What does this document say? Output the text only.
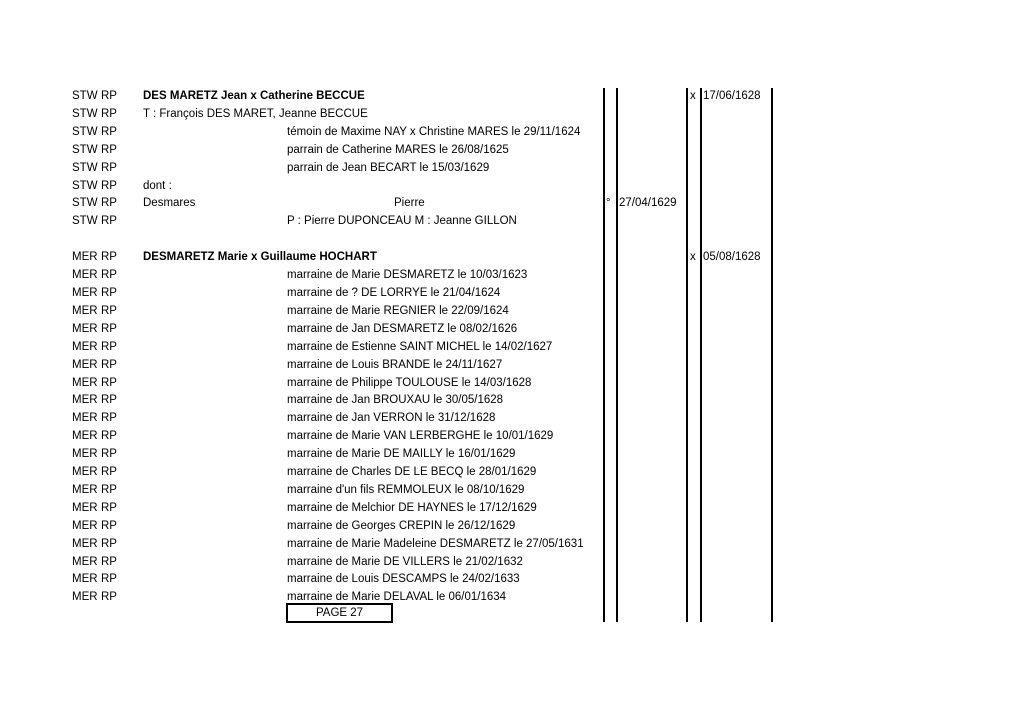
STW RP DES MARETZ Jean x Catherine BECCUE	x 17/06/1628
STW RP T : François DES MARET, Jeanne BECCUE
STW RP	témoin de Maxime NAY x Christine MARES le 29/11/1624
STW RP	parrain de Catherine MARES le 26/08/1625
STW RP	parrain de Jean BECART le 15/03/1629
STW RP dont :
STW RP Desmares	Pierre	° 27/04/1629
STW RP	P : Pierre DUPONCEAU M : Jeanne GILLON
MER RP DESMARETZ Marie x Guillaume HOCHART	x 05/08/1628
MER RP	marraine de Marie DESMARETZ le 10/03/1623
MER RP	marraine de ? DE LORRYE le 21/04/1624
MER RP	marraine de Marie REGNIER le 22/09/1624
MER RP	marraine de Jan DESMARETZ le 08/02/1626
MER RP	marraine de Estienne SAINT MICHEL le 14/02/1627
MER RP	marraine de Louis BRANDE le 24/11/1627
MER RP	marraine de Philippe TOULOUSE le 14/03/1628
MER RP	marraine de Jan BROUXAU le 30/05/1628
MER RP	marraine de Jan VERRON le 31/12/1628
MER RP	marraine de Marie VAN LERBERGHE le 10/01/1629
MER RP	marraine de Marie DE MAILLY le 16/01/1629
MER RP	marraine de Charles DE LE BECQ le 28/01/1629
MER RP	marraine d'un fils REMMOLEUX le 08/10/1629
MER RP	marraine de Melchior DE HAYNES le 17/12/1629
MER RP	marraine de Georges CREPIN le 26/12/1629
MER RP	marraine de Marie Madeleine DESMARETZ le 27/05/1631
MER RP	marraine de Marie DE VILLERS le 21/02/1632
MER RP	marraine de Louis DESCAMPS le 24/02/1633
MER RP	marraine de Marie DELAVAL le 06/01/1634
PAGE 27
